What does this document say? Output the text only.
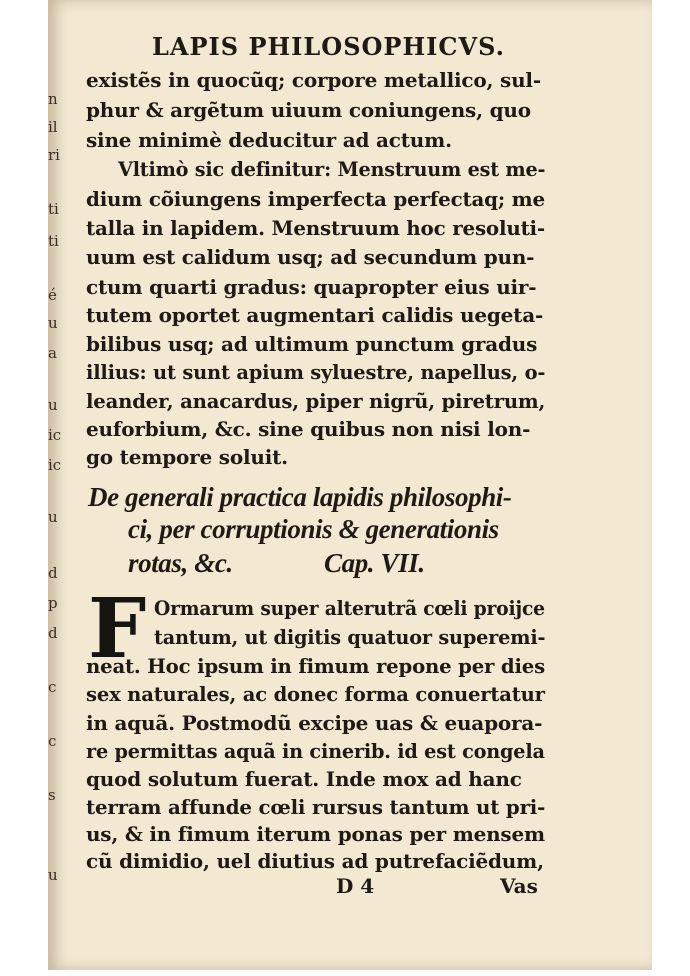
n
il
ri
ti
ti
é
u
a
u
ic
ic
u
d
p
d
c
c
s
u
LAPIS PHILOSOPHICVS.
existẽs in quocũq; corpore metallico, sul-
phur & argẽtum uiuum coniungens, quo
sine minimè deducitur ad actum.
Vltimò sic definitur: Menstruum est me-
dium cõiungens imperfecta perfectaq; me
talla in lapidem. Menstruum hoc resoluti-
uum est calidum usq; ad secundum pun-
ctum quarti gradus: quapropter eius uir-
tutem oportet augmentari calidis uegeta-
bilibus usq; ad ultimum punctum gradus
illius: ut sunt apium syluestre, napellus, o-
leander, anacardus, piper nigrũ, piretrum,
euforbium, &c. sine quibus non nisi lon-
go tempore soluit.
De generali practica lapidis philosophi-
ci, per corruptionis & generationis
rotas, &c.	Cap. VII.
F Ormarum super alterutrã cœli proijce
tantum, ut digitis quatuor superemi-
neat. Hoc ipsum in fimum repone per dies
sex naturales, ac donec forma conuertatur
in aquã. Postmodũ excipe uas & euapora-
re permittas aquã in cinerib. id est congela
quod solutum fuerat. Inde mox ad hanc
terram affunde cœli rursus tantum ut pri-
us, & in fimum iterum ponas per mensem
cũ dimidio, uel diutius ad putrefaciẽdum,
D 4	Vas
